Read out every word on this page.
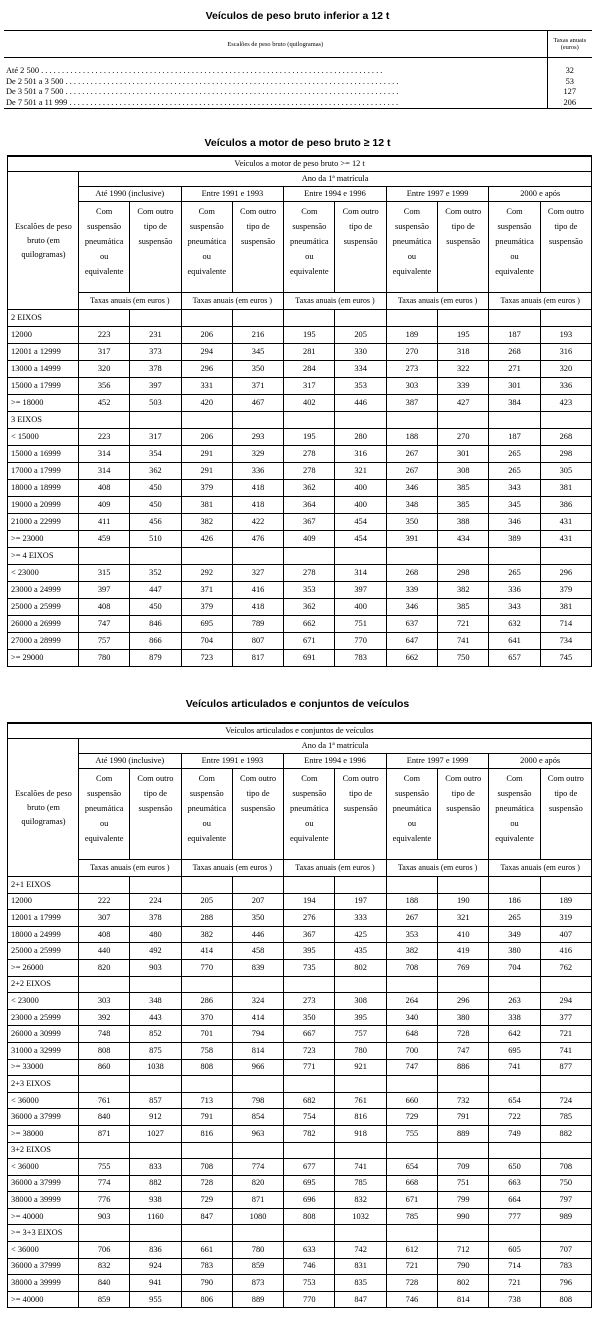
Veículos de peso bruto inferior a 12 t
Escalões de peso bruto (quilogramas)	Taxas anuais (euros)

Até 2 500 . . . . . . . . . . . . . . . . . . . . . . . . . . . . . . . . . . . . . . . . . . . . . . . . . . . . . . . . . . . . . . . . . . . . . . . . . . . . . . . . . .	32
De 2 501 a 3 500 . . . . . . . . . . . . . . . . . . . . . . . . . . . . . . . . . . . . . . . . . . . . . . . . . . . . . . . . . . . . . . . . . . . . . . . . . . . . . . . .	53
De 3 501 a 7 500 . . . . . . . . . . . . . . . . . . . . . . . . . . . . . . . . . . . . . . . . . . . . . . . . . . . . . . . . . . . . . . . . . . . . . . . . . . . . . . . .	127
De 7 501 a 11 999 . . . . . . . . . . . . . . . . . . . . . . . . . . . . . . . . . . . . . . . . . . . . . . . . . . . . . . . . . . . . . . . . . . . . . . . . . . . . . . .	206
Veículos a motor de peso bruto ≥ 12 t
Veículos a motor de peso bruto >= 12 t										
Escalões de peso bruto (em quilogramas)	Ano da 1ª matrícula									
	Até 1990 (inclusive)		Entre 1991 e 1993		Entre 1994 e 1996		Entre 1997 e 1999		2000 e após	
	Com suspensão pneumática ou equivalente	Com outro tipo de suspensão	Com suspensão pneumática ou equivalente	Com outro tipo de suspensão	Com suspensão pneumática ou equivalente	Com outro tipo de suspensão	Com suspensão pneumática ou equivalente	Com outro tipo de suspensão	Com suspensão pneumática ou equivalente	Com outro tipo de suspensão
	Taxas anuais (em euros )		Taxas anuais (em euros )		Taxas anuais (em euros )		Taxas anuais (em euros )		Taxas anuais (em euros )	
2 EIXOS										
12000	223	231	206	216	195	205	189	195	187	193
12001 a 12999	317	373	294	345	281	330	270	318	268	316
13000 a 14999	320	378	296	350	284	334	273	322	271	320
15000 a 17999	356	397	331	371	317	353	303	339	301	336
>= 18000	452	503	420	467	402	446	387	427	384	423
3 EIXOS										
< 15000	223	317	206	293	195	280	188	270	187	268
15000 a 16999	314	354	291	329	278	316	267	301	265	298
17000 a 17999	314	362	291	336	278	321	267	308	265	305
18000 a 18999	408	450	379	418	362	400	346	385	343	381
19000 a 20999	409	450	381	418	364	400	348	385	345	386
21000 a 22999	411	456	382	422	367	454	350	388	346	431
>= 23000	459	510	426	476	409	454	391	434	389	431
>= 4 EIXOS										
< 23000	315	352	292	327	278	314	268	298	265	296
23000 a 24999	397	447	371	416	353	397	339	382	336	379
25000 a 25999	408	450	379	418	362	400	346	385	343	381
26000 a 26999	747	846	695	789	662	751	637	721	632	714
27000 a 28999	757	866	704	807	671	770	647	741	641	734
>= 29000	780	879	723	817	691	783	662	750	657	745
Veículos articulados e conjuntos de veículos
Veículos articulados e conjuntos de veículos										
Escalões de peso bruto (em quilogramas)	Ano da 1ª matrícula									
	Até 1990 (inclusive)		Entre 1991 e 1993		Entre 1994 e 1996		Entre 1997 e 1999		2000 e após	
	Com suspensão pneumática ou equivalente	Com outro tipo de suspensão	Com suspensão pneumática ou equivalente	Com outro tipo de suspensão	Com suspensão pneumática ou equivalente	Com outro tipo de suspensão	Com suspensão pneumática ou equivalente	Com outro tipo de suspensão	Com suspensão pneumática ou equivalente	Com outro tipo de suspensão
	Taxas anuais (em euros )		Taxas anuais (em euros )		Taxas anuais (em euros )		Taxas anuais (em euros )		Taxas anuais (em euros )	
2+1 EIXOS										
12000	222	224	205	207	194	197	188	190	186	189
12001 a 17999	307	378	288	350	276	333	267	321	265	319
18000 a 24999	408	480	382	446	367	425	353	410	349	407
25000 a 25999	440	492	414	458	395	435	382	419	380	416
>= 26000	820	903	770	839	735	802	708	769	704	762
2+2 EIXOS										
< 23000	303	348	286	324	273	308	264	296	263	294
23000 a 25999	392	443	370	414	350	395	340	380	338	377
26000 a 30999	748	852	701	794	667	757	648	728	642	721
31000 a 32999	808	875	758	814	723	780	700	747	695	741
>= 33000	860	1038	808	966	771	921	747	886	741	877
2+3 EIXOS										
< 36000	761	857	713	798	682	761	660	732	654	724
36000 a 37999	840	912	791	854	754	816	729	791	722	785
>= 38000	871	1027	816	963	782	918	755	889	749	882
3+2 EIXOS										
< 36000	755	833	708	774	677	741	654	709	650	708
36000 a 37999	774	882	728	820	695	785	668	751	663	750
38000 a 39999	776	938	729	871	696	832	671	799	664	797
>= 40000	903	1160	847	1080	808	1032	785	990	777	989
>= 3+3 EIXOS										
< 36000	706	836	661	780	633	742	612	712	605	707
36000 a 37999	832	924	783	859	746	831	721	790	714	783
38000 a 39999	840	941	790	873	753	835	728	802	721	796
>= 40000	859	955	806	889	770	847	746	814	738	808
